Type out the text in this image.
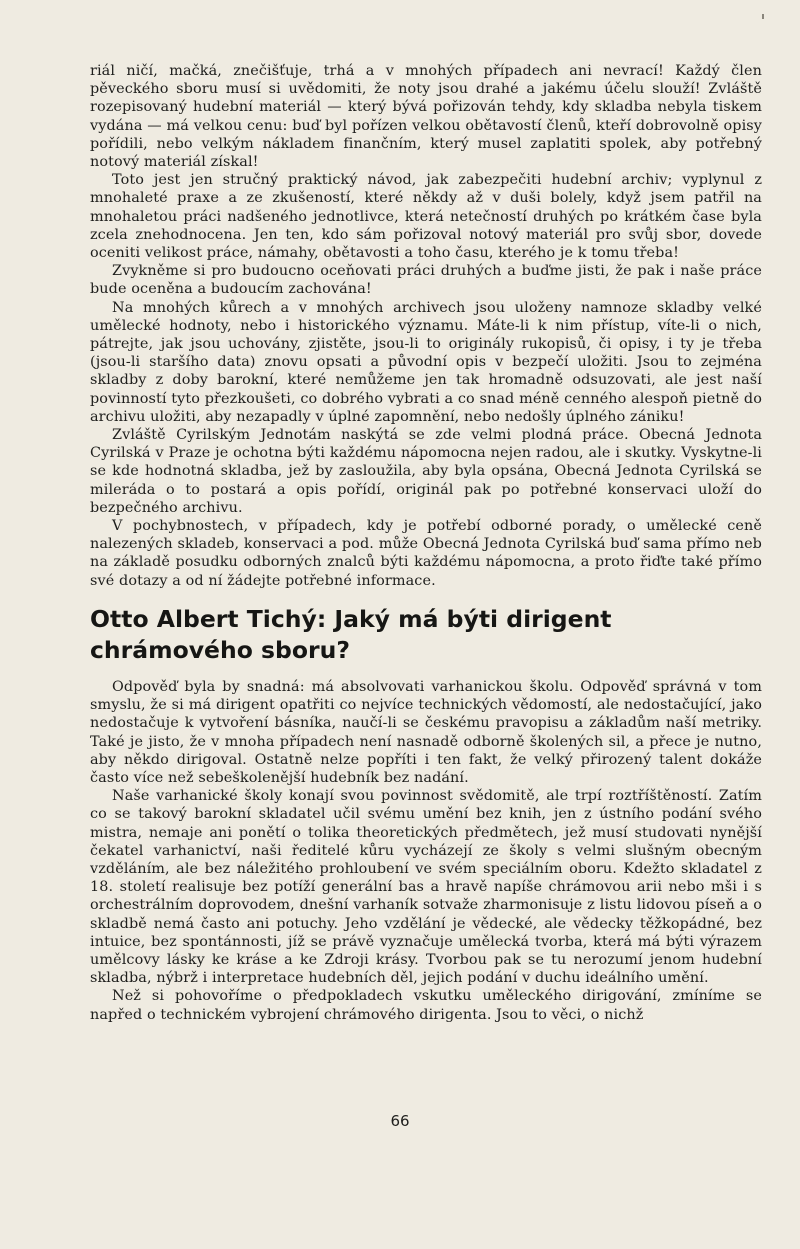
riál ničí, mačká, znečišťuje, trhá a v mnohých případech ani nevrací! Každý člen pěveckého sboru musí si uvědomiti, že noty jsou drahé a jakému účelu slouží! Zvláště rozepisovaný hudební materiál — který bývá pořizován tehdy, kdy skladba nebyla tiskem vydána — má velkou cenu: buď byl pořízen velkou obětavostí členů, kteří dobrovolně opisy pořídili, nebo velkým nákladem finančním, který musel zaplatiti spolek, aby potřebný notový materiál získal!

Toto jest jen stručný praktický návod, jak zabezpečiti hudební archiv; vyplynul z mnohaleté praxe a ze zkušeností, které někdy až v duši bolely, když jsem patřil na mnohaletou práci nadšeného jednotlivce, která netečností druhých po krátkém čase byla zcela znehodnocena. Jen ten, kdo sám pořizoval notový materiál pro svůj sbor, dovede oceniti velikost práce, námahy, obětavosti a toho času, kterého je k tomu třeba!

Zvykněme si pro budoucno oceňovati práci druhých a buďme jisti, že pak i naše práce bude oceněna a budoucím zachována!

Na mnohých kůrech a v mnohých archivech jsou uloženy namnoze skladby velké umělecké hodnoty, nebo i historického významu. Máte-li k nim přístup, víte-li o nich, pátrejte, jak jsou uchovány, zjistěte, jsou-li to originály rukopisů, či opisy, i ty je třeba (jsou-li staršího data) znovu opsati a původní opis v bezpečí uložiti. Jsou to zejména skladby z doby barokní, které nemůžeme jen tak hromadně odsuzovati, ale jest naší povinností tyto přezkoušeti, co dobrého vybrati a co snad méně cenného alespoň pietně do archivu uložiti, aby nezapadly v úplné zapomnění, nebo nedošly úplného zániku!

Zvláště Cyrilským Jednotám naskýtá se zde velmi plodná práce. Obecná Jednota Cyrilská v Praze je ochotna býti každému nápomocna nejen radou, ale i skutky. Vyskytne-li se kde hodnotná skladba, jež by zasloužila, aby byla opsána, Obecná Jednota Cyrilská se mileráda o to postará a opis pořídí, originál pak po potřebné konservaci uloží do bezpečného archivu.

V pochybnostech, v případech, kdy je potřebí odborné porady, o umělecké ceně nalezených skladeb, konservaci a pod. může Obecná Jednota Cyrilská buď sama přímo neb na základě posudku odborných znalců býti každému nápomocna, a proto řiďte také přímo své dotazy a od ní žádejte potřebné informace.

Otto Albert Tichý: Jaký má býti dirigent chrámového sboru?

Odpověď byla by snadná: má absolvovati varhanickou školu. Odpověď správná v tom smyslu, že si má dirigent opatřiti co nejvíce technických vědomostí, ale nedostačující, jako nedostačuje k vytvoření básníka, naučí-li se českému pravopisu a základům naší metriky. Také je jisto, že v mnoha případech není nasnadě odborně školených sil, a přece je nutno, aby někdo dirigoval. Ostatně nelze popříti i ten fakt, že velký přirozený talent dokáže často více než sebeškolenější hudebník bez nadání.

Naše varhanické školy konají svou povinnost svědomitě, ale trpí roztříštěností. Zatím co se takový barokní skladatel učil svému umění bez knih, jen z ústního podání svého mistra, nemaje ani ponětí o tolika theoretických předmětech, jež musí studovati nynější čekatel varhanictví, naši ředitelé kůru vycházejí ze školy s velmi slušným obecným vzděláním, ale bez náležitého prohloubení ve svém speciálním oboru. Kdežto skladatel z 18. století realisuje bez potíží generální bas a hravě napíše chrámovou arii nebo mši i s orchestrálním doprovodem, dnešní varhaník sotvaže zharmonisuje z listu lidovou píseň a o skladbě nemá často ani potuchy. Jeho vzdělání je vědecké, ale vědecky těžkopádné, bez intuice, bez spontánnosti, jíž se právě vyznačuje umělecká tvorba, která má býti výrazem umělcovy lásky ke kráse a ke Zdroji krásy. Tvorbou pak se tu nerozumí jenom hudební skladba, nýbrž i interpretace hudebních děl, jejich podání v duchu ideálního umění.

Než si pohovoříme o předpokladech vskutku uměleckého dirigování, zmíníme se napřed o technickém vybrojení chrámového dirigenta. Jsou to věci, o nichž

66
